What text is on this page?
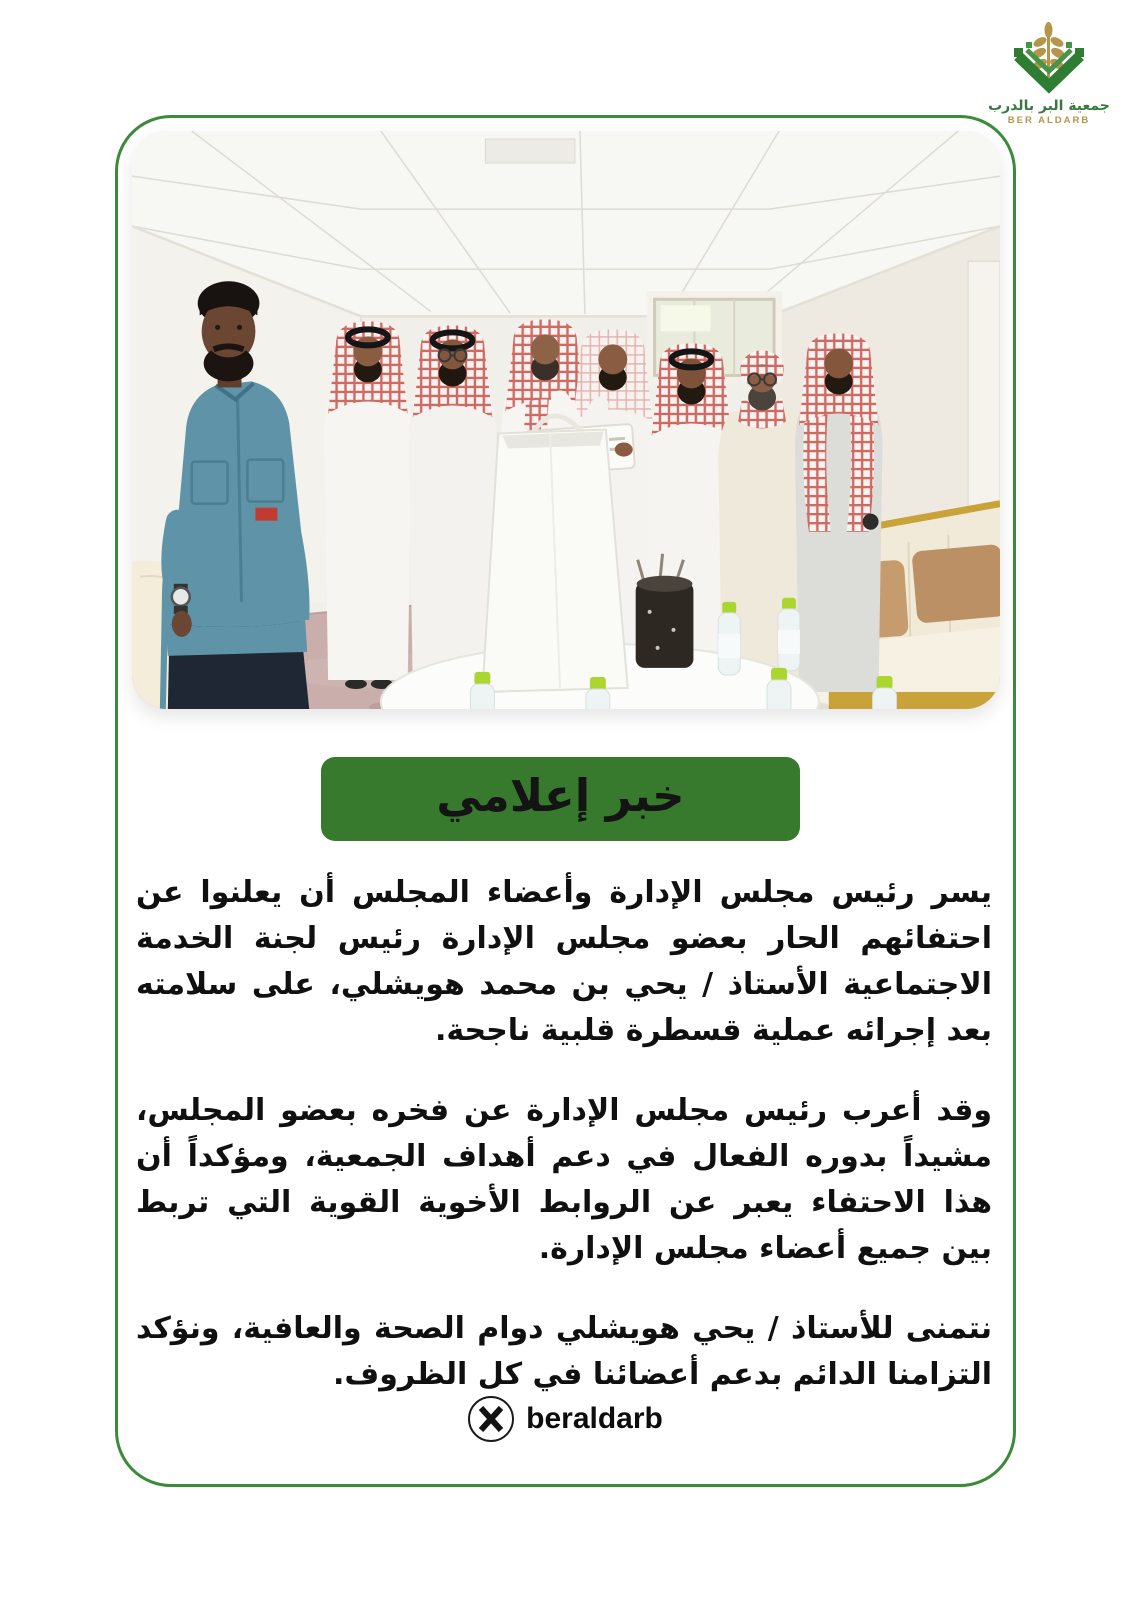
جمعية البر بالدرب
BER ALDARB
خبر إعلامي

يسر رئيس مجلس الإدارة وأعضاء المجلس أن يعلنوا عن احتفائهم الحار بعضو مجلس الإدارة رئيس لجنة الخدمة الاجتماعية الأستاذ / يحي بن محمد هويشلي، على سلامته بعد إجرائه عملية قسطرة قلبية ناجحة.

وقد أعرب رئيس مجلس الإدارة عن فخره بعضو المجلس، مشيداً بدوره الفعال في دعم أهداف الجمعية، ومؤكداً أن هذا الاحتفاء يعبر عن الروابط الأخوية القوية التي تربط بين جميع أعضاء مجلس الإدارة.

نتمنى للأستاذ / يحي هويشلي دوام الصحة والعافية، ونؤكد التزامنا الدائم بدعم أعضائنا في كل الظروف.

beraldarb
